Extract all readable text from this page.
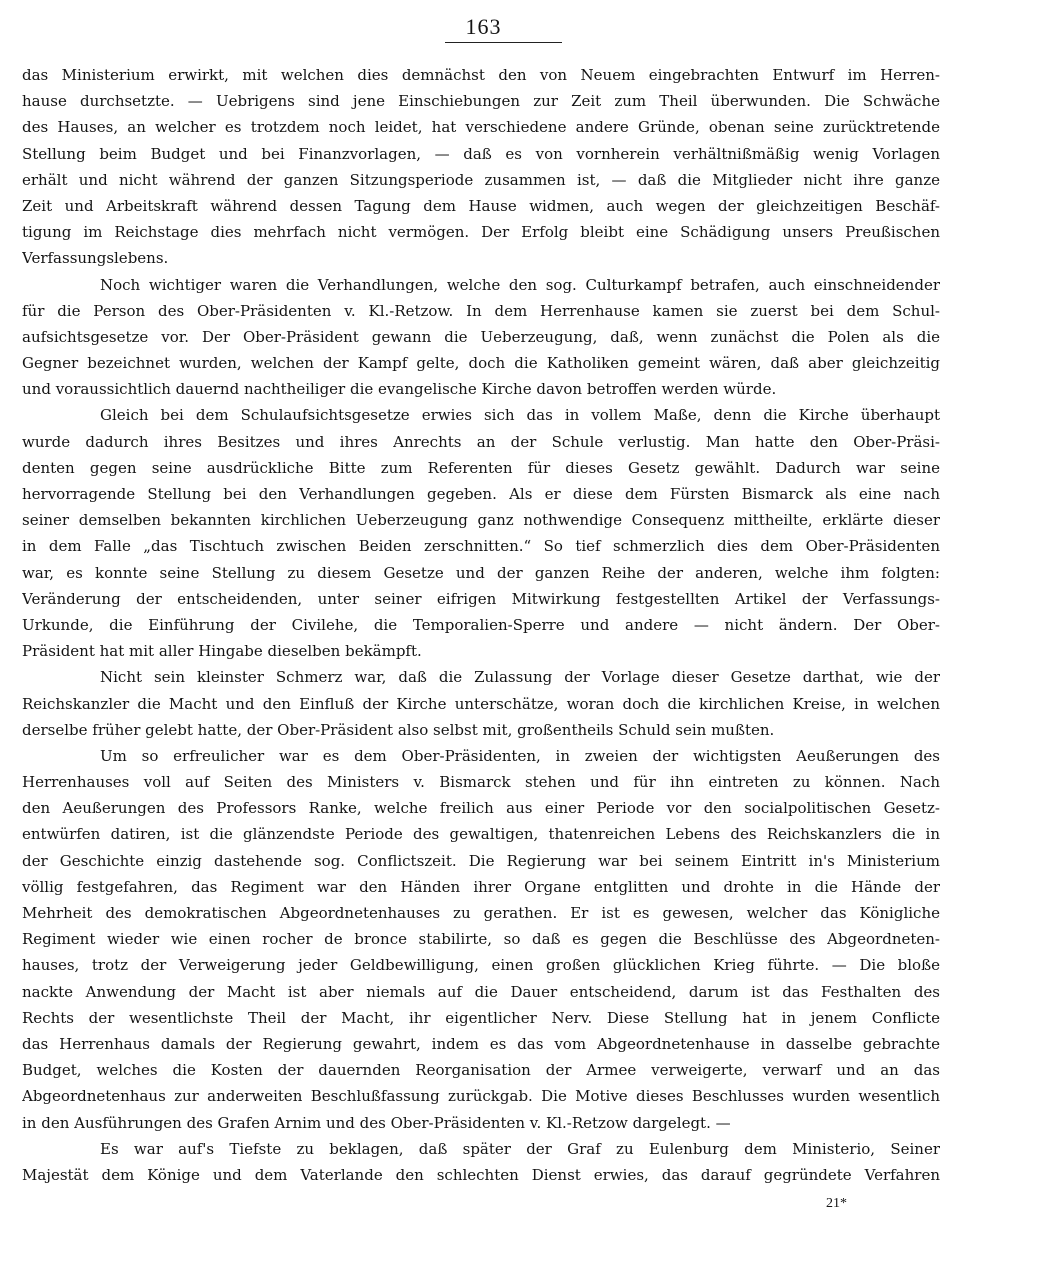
163
das Ministerium erwirkt, mit welchen dies demnächst den von Neuem eingebrachten Entwurf im Herren-
hause durchsetzte. — Uebrigens sind jene Einschiebungen zur Zeit zum Theil überwunden. Die Schwäche
des Hauses, an welcher es trotzdem noch leidet, hat verschiedene andere Gründe, obenan seine zurücktretende
Stellung beim Budget und bei Finanzvorlagen, — daß es von vornherein verhältnißmäßig wenig Vorlagen
erhält und nicht während der ganzen Sitzungsperiode zusammen ist, — daß die Mitglieder nicht ihre ganze
Zeit und Arbeitskraft während dessen Tagung dem Hause widmen, auch wegen der gleichzeitigen Beschäf-
tigung im Reichstage dies mehrfach nicht vermögen. Der Erfolg bleibt eine Schädigung unsers Preußischen
Verfassungslebens.
Noch wichtiger waren die Verhandlungen, welche den sog. Culturkampf betrafen, auch einschneidender
für die Person des Ober-Präsidenten v. Kl.-Retzow. In dem Herrenhause kamen sie zuerst bei dem Schul-
aufsichtsgesetze vor. Der Ober-Präsident gewann die Ueberzeugung, daß, wenn zunächst die Polen als die
Gegner bezeichnet wurden, welchen der Kampf gelte, doch die Katholiken gemeint wären, daß aber gleichzeitig
und voraussichtlich dauernd nachtheiliger die evangelische Kirche davon betroffen werden würde.
Gleich bei dem Schulaufsichtsgesetze erwies sich das in vollem Maße, denn die Kirche überhaupt
wurde dadurch ihres Besitzes und ihres Anrechts an der Schule verlustig. Man hatte den Ober-Präsi-
denten gegen seine ausdrückliche Bitte zum Referenten für dieses Gesetz gewählt. Dadurch war seine
hervorragende Stellung bei den Verhandlungen gegeben. Als er diese dem Fürsten Bismarck als eine nach
seiner demselben bekannten kirchlichen Ueberzeugung ganz nothwendige Consequenz mittheilte, erklärte dieser
in dem Falle „das Tischtuch zwischen Beiden zerschnitten.“ So tief schmerzlich dies dem Ober-Präsidenten
war, es konnte seine Stellung zu diesem Gesetze und der ganzen Reihe der anderen, welche ihm folgten:
Veränderung der entscheidenden, unter seiner eifrigen Mitwirkung festgestellten Artikel der Verfassungs-
Urkunde, die Einführung der Civilehe, die Temporalien-Sperre und andere — nicht ändern. Der Ober-
Präsident hat mit aller Hingabe dieselben bekämpft.
Nicht sein kleinster Schmerz war, daß die Zulassung der Vorlage dieser Gesetze darthat, wie der
Reichskanzler die Macht und den Einfluß der Kirche unterschätze, woran doch die kirchlichen Kreise, in welchen
derselbe früher gelebt hatte, der Ober-Präsident also selbst mit, großentheils Schuld sein mußten.
Um so erfreulicher war es dem Ober-Präsidenten, in zweien der wichtigsten Aeußerungen des
Herrenhauses voll auf Seiten des Ministers v. Bismarck stehen und für ihn eintreten zu können. Nach
den Aeußerungen des Professors Ranke, welche freilich aus einer Periode vor den socialpolitischen Gesetz-
entwürfen datiren, ist die glänzendste Periode des gewaltigen, thatenreichen Lebens des Reichskanzlers die in
der Geschichte einzig dastehende sog. Conflictszeit. Die Regierung war bei seinem Eintritt in's Ministerium
völlig festgefahren, das Regiment war den Händen ihrer Organe entglitten und drohte in die Hände der
Mehrheit des demokratischen Abgeordnetenhauses zu gerathen. Er ist es gewesen, welcher das Königliche
Regiment wieder wie einen rocher de bronce stabilirte, so daß es gegen die Beschlüsse des Abgeordneten-
hauses, trotz der Verweigerung jeder Geldbewilligung, einen großen glücklichen Krieg führte. — Die bloße
nackte Anwendung der Macht ist aber niemals auf die Dauer entscheidend, darum ist das Festhalten des
Rechts der wesentlichste Theil der Macht, ihr eigentlicher Nerv. Diese Stellung hat in jenem Conflicte
das Herrenhaus damals der Regierung gewahrt, indem es das vom Abgeordnetenhause in dasselbe gebrachte
Budget, welches die Kosten der dauernden Reorganisation der Armee verweigerte, verwarf und an das
Abgeordnetenhaus zur anderweiten Beschlußfassung zurückgab. Die Motive dieses Beschlusses wurden wesentlich
in den Ausführungen des Grafen Arnim und des Ober-Präsidenten v. Kl.-Retzow dargelegt. —
Es war auf's Tiefste zu beklagen, daß später der Graf zu Eulenburg dem Ministerio, Seiner
Majestät dem Könige und dem Vaterlande den schlechten Dienst erwies, das darauf gegründete Verfahren
21*
